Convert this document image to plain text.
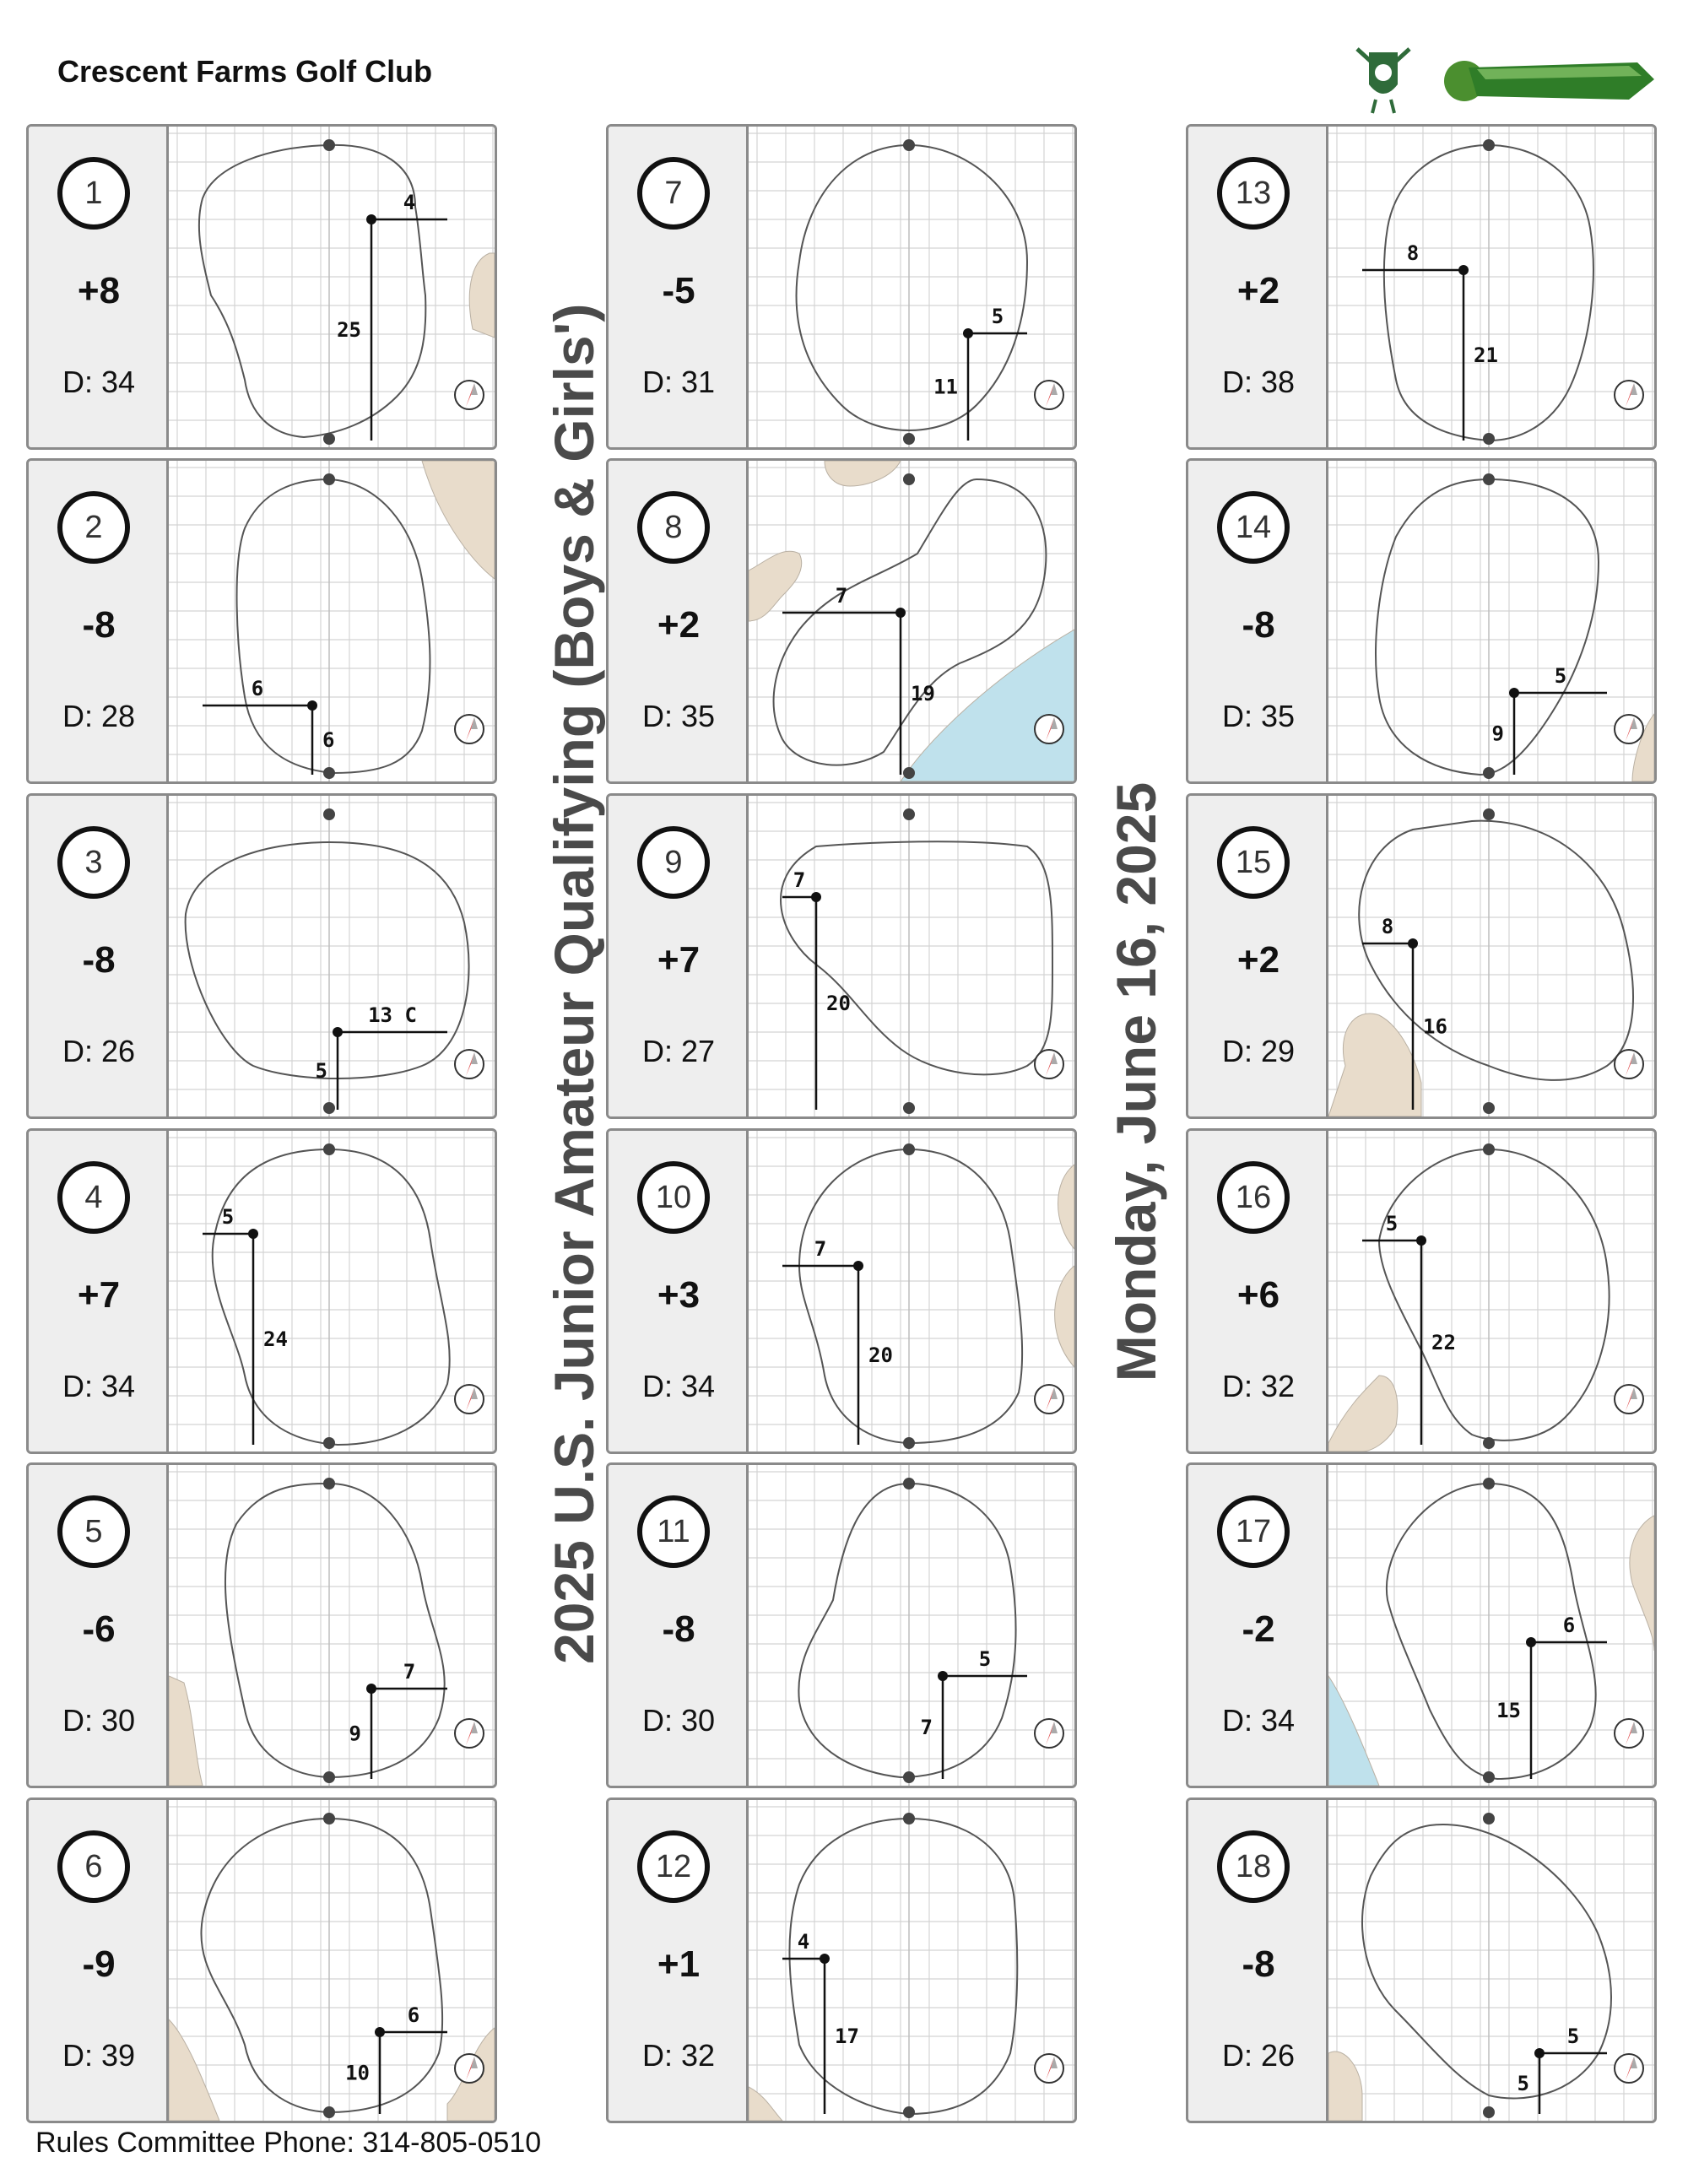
Crescent Farms Golf Club
2025 U.S. Junior Amateur Qualifying (Boys & Girls')	Monday, June 16, 2025
1
+8
D: 34
4
25
2
-8
D: 28
6
6
3
-8
D: 26
13 C
5
4
+7
D: 34
5
24
5
-6
D: 30
7
9
6
-9
D: 39
6
10
7
-5
D: 31
5
11
8
+2
D: 35
7
19
9
+7
D: 27
7
20
10
+3
D: 34
7
20
11
-8
D: 30
5
7
12
+1
D: 32
4
17
13
+2
D: 38
8
21
14
-8
D: 35
5
9
15
+2
D: 29
8
16
16
+6
D: 32
5
22
17
-2
D: 34
6
15
18
-8
D: 26
5
5
Rules Committee Phone: 314-805-0510
